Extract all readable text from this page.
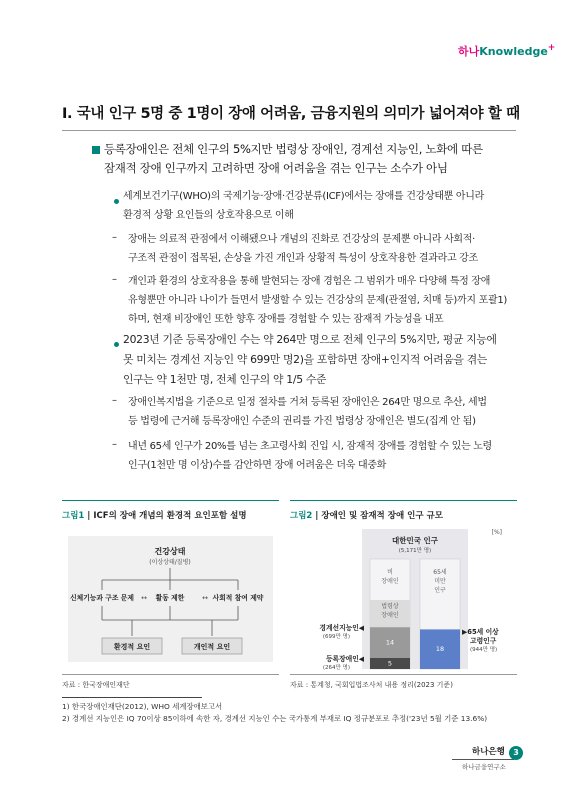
하나Knowledge+
I. 국내 인구 5명 중 1명이 장애 어려움, 금융지원의 의미가 넓어져야 할 때
등록장애인은 전체 인구의 5%지만 법령상 장애인, 경계선 지능인, 노화에 따른
잠재적 장애 인구까지 고려하면 장애 어려움을 겪는 인구는 소수가 아님
세계보건기구(WHO)의 국제기능·장애·건강분류(ICF)에서는 장애를 건강상태뿐 아니라
환경적 상황 요인들의 상호작용으로 이해
– 장애는 의료적 관점에서 이해됐으나 개념의 진화로 건강상의 문제뿐 아니라 사회적·
구조적 관점이 접목된, 손상을 가진 개인과 상황적 특성이 상호작용한 결과라고 강조
– 개인과 환경의 상호작용을 통해 발현되는 장애 경험은 그 범위가 매우 다양해 특정 장애
유형뿐만 아니라 나이가 들면서 발생할 수 있는 건강상의 문제(관절염, 치매 등)까지 포괄1)
하며, 현재 비장애인 또한 향후 장애를 경험할 수 있는 잠재적 가능성을 내포
2023년 기준 등록장애인 수는 약 264만 명으로 전체 인구의 5%지만, 평균 지능에
못 미치는 경계선 지능인 약 699만 명2)을 포함하면 장애+인지적 어려움을 겪는
인구는 약 1천만 명, 전체 인구의 약 1/5 수준
– 장애인복지법을 기준으로 일정 절차를 거쳐 등록된 장애인은 264만 명으로 추산, 세법
등 법령에 근거해 등록장애인 수준의 권리를 가진 법령상 장애인은 별도(집계 안 됨)
– 내년 65세 인구가 20%를 넘는 초고령사회 진입 시, 잠재적 장애를 경험할 수 있는 노령
인구(1천만 명 이상)수를 감안하면 장애 어려움은 더욱 대중화
그림1 | ICF의 장애 개념의 환경적 요인포함 설명
건강상태
(이상상태/질병)
신체기능과 구조 문제	활동 제한	사회적 참여 제약
↔	↔
환경적 요인	개인적 요인
자료 : 한국장애인재단
그림2 | 장애인 및 잠재적 장애 인구 규모
[%]
대한민국 인구
(5,171만 명)
비
장애인
65세
미만
인구
14
5
18
법령상
장애인
경계선지능인◀
(699만 명)
등록장애인◀
(264만 명)
▶65세 이상
고령인구
(944만 명)
자료 : 통계청, 국회입법조사처 내용 정리(2023 기준)
1) 한국장애인재단(2012), WHO 세계장애보고서
2) 경계선 지능인은 IQ 70이상 85이하에 속한 자, 경계선 지능인 수는 국가통계 부재로 IQ 정규분포로 추정('23년 5월 기준 13.6%)
하나은행
하나금융연구소
3
